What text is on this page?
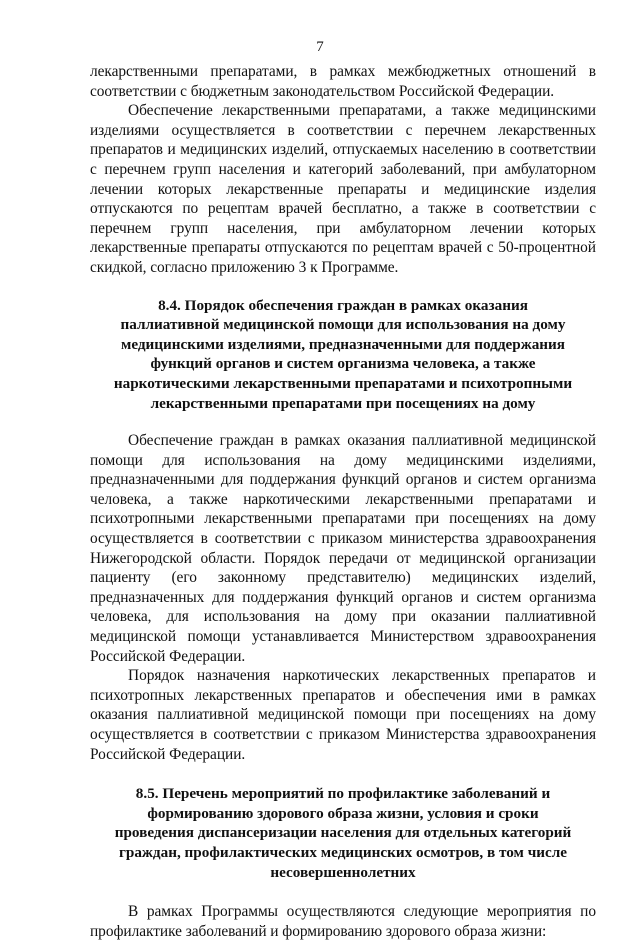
7

лекарственными препаратами, в рамках межбюджетных отношений в соответствии с бюджетным законодательством Российской Федерации.

Обеспечение лекарственными препаратами, а также медицинскими изделиями осуществляется в соответствии с перечнем лекарственных препаратов и медицинских изделий, отпускаемых населению в соответствии с перечнем групп населения и категорий заболеваний, при амбулаторном лечении которых лекарственные препараты и медицинские изделия отпускаются по рецептам врачей бесплатно, а также в соответствии с перечнем групп населения, при амбулаторном лечении которых лекарственные препараты отпускаются по рецептам врачей с 50-процентной скидкой, согласно приложению 3 к Программе.

8.4. Порядок обеспечения граждан в рамках оказания паллиативной медицинской помощи для использования на дому медицинскими изделиями, предназначенными для поддержания функций органов и систем организма человека, а также наркотическими лекарственными препаратами и психотропными лекарственными препаратами при посещениях на дому

Обеспечение граждан в рамках оказания паллиативной медицинской помощи для использования на дому медицинскими изделиями, предназначенными для поддержания функций органов и систем организма человека, а также наркотическими лекарственными препаратами и психотропными лекарственными препаратами при посещениях на дому осуществляется в соответствии с приказом министерства здравоохранения Нижегородской области. Порядок передачи от медицинской организации пациенту (его законному представителю) медицинских изделий, предназначенных для поддержания функций органов и систем организма человека, для использования на дому при оказании паллиативной медицинской помощи устанавливается Министерством здравоохранения Российской Федерации.

Порядок назначения наркотических лекарственных препаратов и психотропных лекарственных препаратов и обеспечения ими в рамках оказания паллиативной медицинской помощи при посещениях на дому осуществляется в соответствии с приказом Министерства здравоохранения Российской Федерации.

8.5. Перечень мероприятий по профилактике заболеваний и формированию здорового образа жизни, условия и сроки проведения диспансеризации населения для отдельных категорий граждан, профилактических медицинских осмотров, в том числе несовершеннолетних

В рамках Программы осуществляются следующие мероприятия по профилактике заболеваний и формированию здорового образа жизни:
